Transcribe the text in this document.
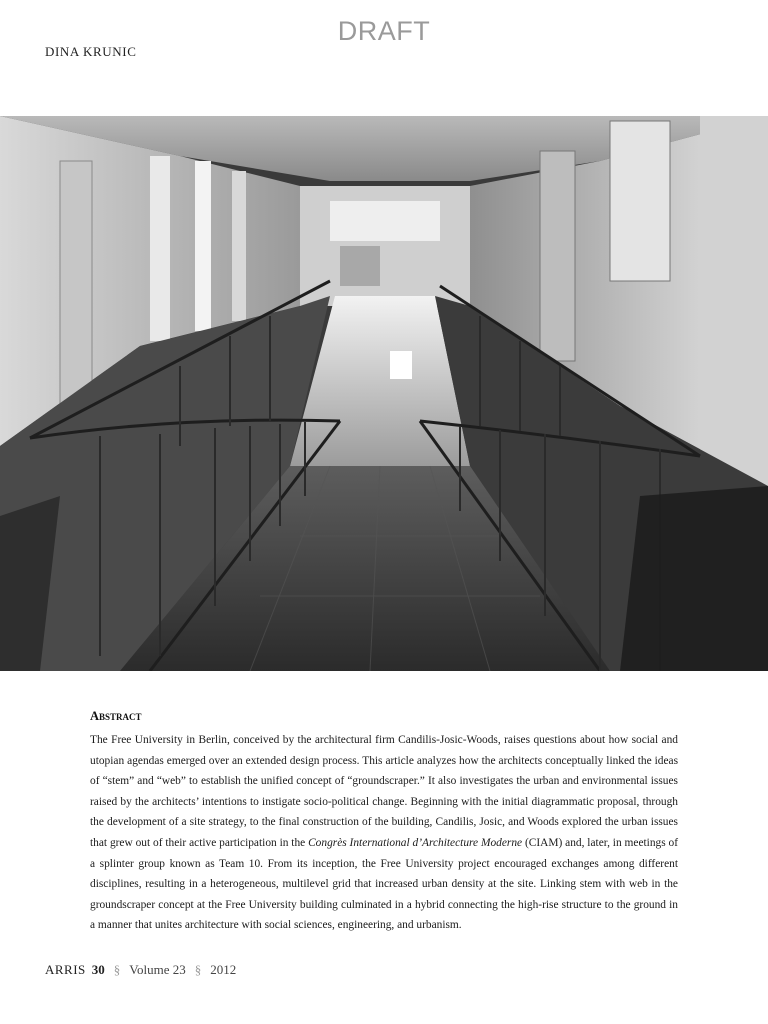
DRAFT
DINA KRUNIC
Abstract

The Free University in Berlin, conceived by the architectural firm Candilis-Josic-Woods, raises questions about how social and utopian agendas emerged over an extended design process. This article analyzes how the architects conceptually linked the ideas of “stem” and “web” to establish the unified concept of “groundscraper.” It also investigates the urban and environmental issues raised by the architects’ intentions to instigate socio-political change. Beginning with the initial diagrammatic proposal, through the development of a site strategy, to the final construction of the building, Candilis, Josic, and Woods explored the urban issues that grew out of their active participation in the Congrès International d’Architecture Moderne (CIAM) and, later, in meetings of a splinter group known as Team 10. From its inception, the Free University project encouraged exchanges among different disciplines, resulting in a heterogeneous, multilevel grid that increased urban density at the site. Linking stem with web in the groundscraper concept at the Free University building culminated in a hybrid connecting the high-rise structure to the ground in a manner that unites architecture with social sciences, engineering, and urbanism.

ARRIS 30 § Volume 23 § 2012
